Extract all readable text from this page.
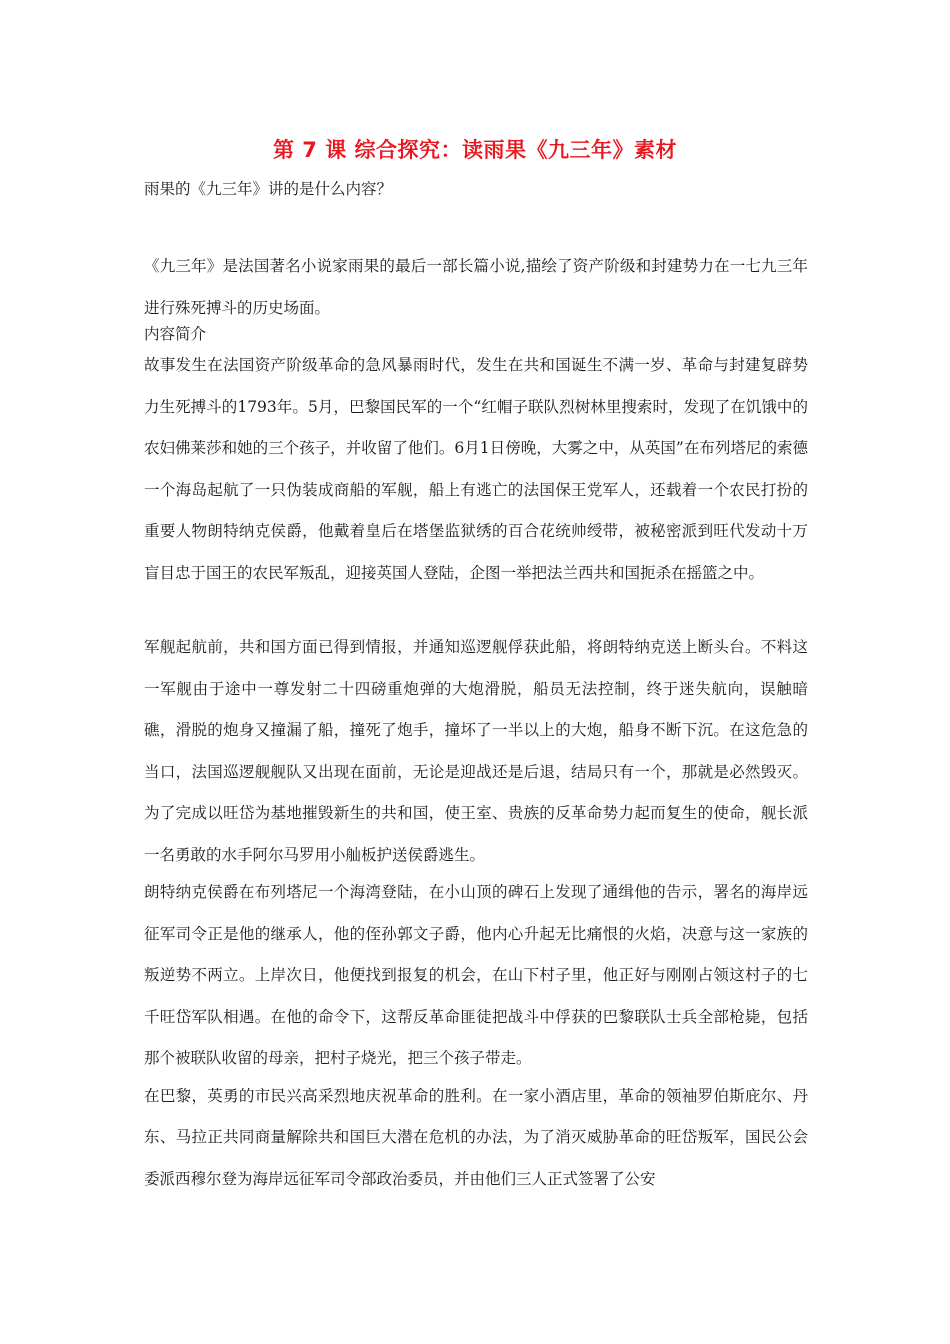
第 7 课 综合探究：读雨果《九三年》素材

雨果的《九三年》讲的是什么内容？

《九三年》是法国著名小说家雨果的最后一部长篇小说,描绘了资产阶级和封建势力在一七九三年进行殊死搏斗的历史场面。

内容简介

故事发生在法国资产阶级革命的急风暴雨时代，发生在共和国诞生不满一岁、革命与封建复辟势力生死搏斗的1793年。5月，巴黎国民军的一个“红帽子联队烈树林里搜索时，发现了在饥饿中的农妇佛莱莎和她的三个孩子，并收留了他们。6月1日傍晚，大雾之中，从英国”在布列塔尼的索德一个海岛起航了一只伪装成商船的军舰，船上有逃亡的法国保王党军人，还载着一个农民打扮的重要人物朗特纳克侯爵，他戴着皇后在塔堡监狱绣的百合花统帅绶带，被秘密派到旺代发动十万盲目忠于国王的农民军叛乱，迎接英国人登陆，企图一举把法兰西共和国扼杀在摇篮之中。

军舰起航前，共和国方面已得到情报，并通知巡逻舰俘获此船，将朗特纳克送上断头台。不料这一军舰由于途中一尊发射二十四磅重炮弹的大炮滑脱，船员无法控制，终于迷失航向，误触暗礁，滑脱的炮身又撞漏了船，撞死了炮手，撞坏了一半以上的大炮，船身不断下沉。在这危急的当口，法国巡逻舰舰队又出现在面前，无论是迎战还是后退，结局只有一个，那就是必然毁灭。为了完成以旺岱为基地摧毁新生的共和国，使王室、贵族的反革命势力起而复生的使命，舰长派一名勇敢的水手阿尔马罗用小舢板护送侯爵逃生。

朗特纳克侯爵在布列塔尼一个海湾登陆，在小山顶的碑石上发现了通缉他的告示，署名的海岸远征军司令正是他的继承人，他的侄孙郭文子爵，他内心升起无比痛恨的火焰，决意与这一家族的叛逆势不两立。上岸次日，他便找到报复的机会，在山下村子里，他正好与刚刚占领这村子的七千旺岱军队相遇。在他的命令下，这帮反革命匪徒把战斗中俘获的巴黎联队士兵全部枪毙，包括那个被联队收留的母亲，把村子烧光，把三个孩子带走。

在巴黎，英勇的市民兴高采烈地庆祝革命的胜利。在一家小酒店里，革命的领袖罗伯斯庇尔、丹东、马拉正共同商量解除共和国巨大潜在危机的办法，为了消灭威胁革命的旺岱叛军，国民公会委派西穆尔登为海岸远征军司令部政治委员，并由他们三人正式签署了公安
